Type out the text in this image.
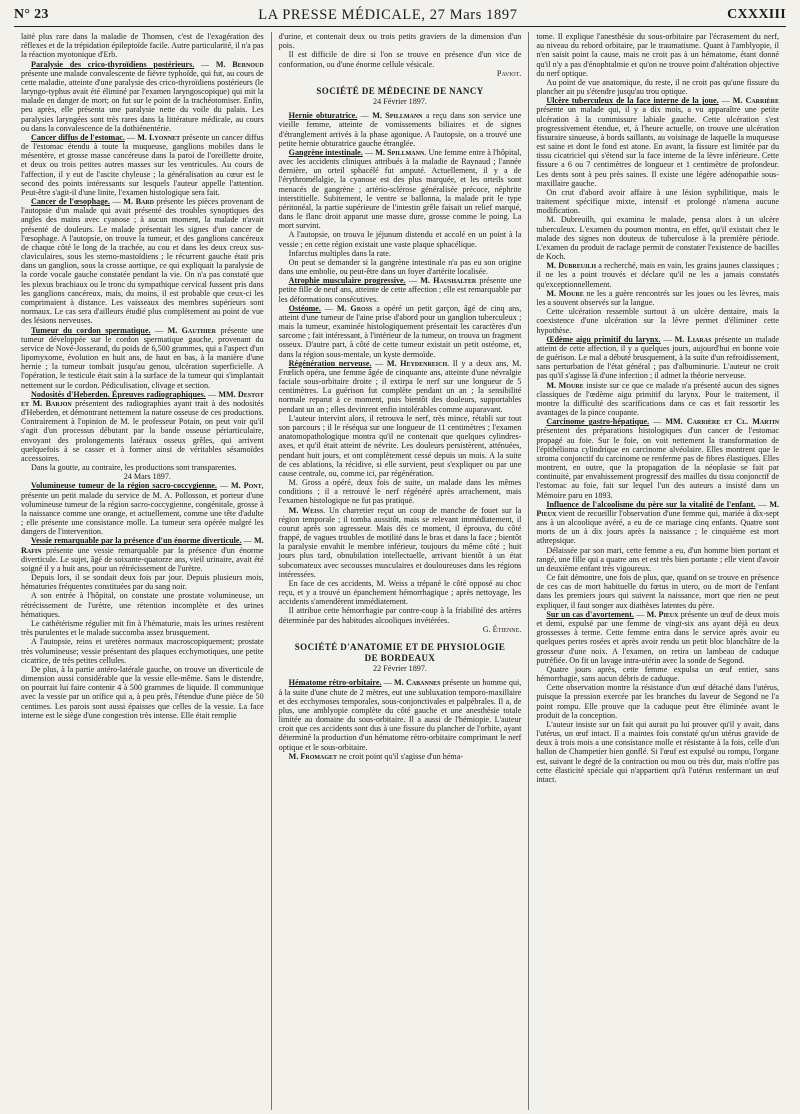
N° 23	LA PRESSE MÉDICALE, 27 Mars 1897	CXXXIII

laité plus rare dans la maladie de Thomsen, c'est de l'exagération des réflexes et de la trépidation épileptoïde facile. Autre particularité, il n'a pas la réaction myotonique d'Erb.

Paralysie des crico-thyroïdiens postérieurs. — M. Bernoud présente une malade convalescente de fièvre typhoïde, qui fut, au cours de cette maladie, atteinte d'une paralysie des crico-thyroïdiens postérieurs (le laryngo-typhus avait été éliminé par l'examen laryngoscopique) qui mit la malade en danger de mort; on fut sur le point de la trachéotomiser. Enfin, peu après, elle présenta une paralysie nette du voile du palais. Les paralysies laryngées sont très rares dans la littérature médicale, au cours ou dans la convalescence de la dothiénentérie.

Cancer diffus de l'estomac. — M. Lyonnet présente un cancer diffus de l'estomac étendu à toute la muqueuse, ganglions mobiles dans le mésentère, et grosse masse cancéreuse dans la paroi de l'oreillette droite, et deux ou trois petites autres masses sur les ventricules. Au cours de l'affection, il y eut de l'ascite chyleuse ; la généralisation au cœur est le second des points intéressants sur lesquels l'auteur appelle l'attention. Peut-être s'agit-il d'une linite, l'examen histologique sera fait.

Cancer de l'œsophage. — M. Bard présente les pièces provenant de l'autopsie d'un malade qui avait présenté des troubles synoptiques des angles des mains avec cyanose ; à aucun moment, la malade n'avait présenté de douleurs. Le malade présentait les signes d'un cancer de l'œsophage. A l'autopsie, on trouve la tumeur, et des ganglions cancéreux de chaque côté le long de la trachée, au cou et dans les deux creux sus-claviculaires, sous les sterno-mastoïdiens ; le récurrent gauche était pris dans un ganglion, sous la crosse aortique, ce qui expliquait la paralysie de la corde vocale gauche constatée pendant la vie. On n'a pas constaté que les plexus brachiaux ou le tronc du sympathique cervical fussent pris dans les ganglions cancéreux, mais, du moins, il est probable que ceux-ci les comprimaient à distance. Les vaisseaux des membres supérieurs sont normaux. Le cas sera d'ailleurs étudié plus complètement au point de vue des lésions nerveuses.

Tumeur du cordon spermatique. — M. Gauthier présente une tumeur développée sur le cordon spermatique gauche, provenant du service de Nové-Josserand, du poids de 6,500 grammes, qui a l'aspect d'un lipomyxome, évolution en huit ans, de haut en bas, à la manière d'une hernie ; la tumeur tombait jusqu'au genou, ulcération superficielle. A l'opération, le testicule était sain à la surface de la tumeur qui s'implantait nettement sur le cordon. Pédiculisation, clivage et section.

Nodosités d'Heberden. Épreuves radiographiques. — MM. Destot et M. Barjon présentent des radiographies ayant trait à des nodosités d'Heberden, et démontrant nettement la nature osseuse de ces productions. Contrairement à l'opinion de M. le professeur Potain, on peut voir qu'il s'agit d'un processus débutant par la bande osseuse périarticulaire, envoyant des prolongements latéraux osseux grêles, qui arrivent quelquefois à se casser et à former ainsi de véritables sésamoïdes accessoires.

Dans la goutte, au contraire, les productions sont transparentes.

24 Mars 1897.

Volumineuse tumeur de la région sacro-coccygienne. — M. Pont, présente un petit malade du service de M. A. Pollosson, et porteur d'une volumineuse tumeur de la région sacro-coccygienne, congénitale, grosse à la naissance comme une orange, et actuellement, comme une tête d'adulte ; elle présente une consistance molle. La tumeur sera opérée malgré les dangers de l'intervention.

Vessie remarquable par la présence d'un énorme diverticule. — M. Rafin présente une vessie remarquable par la présence d'un énorme diverticule. Le sujet, âgé de soixante-quatorze ans, vieil urinaire, avait été soigné il y a huit ans, pour un rétrécissement de l'urètre.

Depuis lors, il se sondait deux fois par jour. Depuis plusieurs mois, hématuries fréquentes constituées par du sang noir.

A son entrée à l'hôpital, on constate une prostate volumineuse, un rétrécissement de l'urètre, une rétention incomplète et des urines hématiques.

Le cathétérisme régulier mit fin à l'hématurie, mais les urines restèrent très purulentes et le malade succomba assez brusquement.

A l'autopsie, reins et uretères normaux macroscopiquement; prostate très volumineuse; vessie présentant des plaques ecchymotiques, une petite cicatrice, de très petites cellules.

De plus, à la partie antéro-latérale gauche, on trouve un diverticule de dimension aussi considérable que la vessie elle-même. Sans le distendre, on pourrait lui faire contenir 4 à 500 grammes de liquide. Il communique avec la vessie par un orifice qui a, à peu près, l'étendue d'une pièce de 50 centimes. Les parois sont aussi épaisses que celles de la vessie. La face interne est le siège d'une congestion très intense. Elle était remplie

d'urine, et contenait deux ou trois petits graviers de la dimension d'un pois.

Il est difficile de dire si l'on se trouve en présence d'un vice de conformation, ou d'une énorme cellule vésicale.

Paviot.

SOCIÉTÉ DE MÉDECINE DE NANCY
24 Février 1897.

Hernie obturatrice. — M. Spillmann a reçu dans son service une vieille femme, atteinte de vomissements biliaires et de signes d'étranglement arrivés à la phase agonique. A l'autopsie, on a trouvé une petite hernie obturatrice gauche étranglée.

Gangrène intestinale. — M. Spillmann. Une femme entre à l'hôpital, avec les accidents cliniques attribués à la maladie de Raynaud ; l'année dernière, un orteil sphacélé fut amputé. Actuellement, il y a de l'érythromélalgie, la cyanose est des plus marquée, et les orteils sont menacés de gangrène ; artério-sclérose généralisée précoce, néphrite interstitielle. Subitement, le ventre se ballonna, la malade prit le type péritonéal, la partie supérieure de l'intestin grêle faisait un relief marqué, dans le flanc droit apparut une masse dure, grosse comme le poing. La mort survint.

A l'autopsie, on trouva le jéjunum distendu et accolé en un point à la vessie ; en cette région existait une vaste plaque sphacélique.

Infarctus multiples dans la rate.

On peut se demander si la gangrène intestinale n'a pas eu son origine dans une embolie, ou peut-être dans un foyer d'artérite localisée.

Atrophie musculaire progressive. — M. Haushalter présente une petite fille de neuf ans, atteinte de cette affection ; elle est remarquable par les déformations consécutives.

Ostéome. — M. Gross a opéré un petit garçon, âgé de cinq ans, atteint d'une tumeur de l'aine prise d'abord pour un ganglion tuberculeux ; mais la tumeur, examinée histologiquement présentait les caractères d'un sarcome ; fait intéressant, à l'intérieur de la tumeur, on trouva un fragment osseux. D'autre part, à côté de cette tumeur existait un petit ostéome, et, dans la région sous-mentale, un kyste dermoïde.

Régénération nerveuse. — M. Heydenreich. Il y a deux ans, M. Frœlich opéra, une femme âgée de cinquante ans, atteinte d'une névralgie faciale sous-orbitaire droite ; il extirpa le nerf sur une longueur de 5 centimètres. La guérison fut complète pendant un an ; la sensibilité normale reparut à ce moment, puis bientôt des douleurs, supportables pendant un an ; elles devinrent enfin intolérables comme auparavant.

L'auteur intervint alors, il retrouva le nerf, très mince, rétabli sur tout son parcours ; il le réséqua sur une longueur de 11 centimètres ; l'examen anatomopathologique montra qu'il ne contenait que quelques cylindres-axes, et qu'il était atteint de névrite. Les douleurs persistèrent, atténuées, pendant huit jours, et ont complètement cessé depuis un mois. A la suite de ces ablations, la récidive, si elle survient, peut s'expliquer ou par une cause centrale, ou, comme ici, par régénération.

M. Gross a opéré, deux fois de suite, un malade dans les mêmes conditions ; il a retrouvé le nerf régénéré après arrachement, mais l'examen histologique ne fut pas pratiqué.

M. Weiss. Un charretier reçut un coup de manche de fouet sur la région temporale ; il tomba aussitôt, mais se relevant immédiatement, il courut après son agresseur. Mais dès ce moment, il éprouva, du côté frappé, de vagues troubles de motilité dans le bras et dans la face ; bientôt la paralysie envahit le membre inférieur, toujours du même côté ; huit jours plus tard, obnubilation intellectuelle, arrivant bientôt à un état subcomateux avec secousses musculaires et douloureuses dans les régions intéressées.

En face de ces accidents, M. Weiss a trépané le côté opposé au choc reçu, et y a trouvé un épanchement hémorrhagique ; après nettoyage, les accidents s'amendèrent immédiatement.

Il attribue cette hémorrhagie par contre-coup à la friabilité des artères déterminée par des habitudes alcooliques invétérées.

G. Étienne.

SOCIÉTÉ D'ANATOMIE ET DE PHYSIOLOGIE
DE BORDEAUX
22 Février 1897.

Hématome rétro-orbitaire. — M. Cabannes présente un homme qui, à la suite d'une chute de 2 mètres, eut une subluxation temporo-maxillaire et des ecchymoses temporales, sous-conjonctivales et palpébrales. Il a, de plus, une amblyopie complète du côté gauche et une anesthésie totale limitée au domaine du sous-orbitaire. Il a aussi de l'hémiopie. L'auteur croit que ces accidents sont dus à une fissure du plancher de l'orbite, ayant déterminé la production d'un hématome rétro-orbitaire comprimant le nerf optique et le sous-orbitaire.

M. Fromaget ne croit point qu'il s'agisse d'un héma-

tome. Il explique l'anesthésie du sous-orbitaire par l'écrasement du nerf, au niveau du rebord orbitaire, par le traumatisme. Quant à l'amblyopie, il n'en saisit point la cause, mais ne croit pas à un hématome, étant donné qu'il n'y a pas d'énophtalmie et qu'on ne trouve point d'altération objective du nerf optique.

Au point de vue anatomique, du reste, il ne croit pas qu'une fissure du plancher ait pu s'étendre jusqu'au trou optique.

Ulcère tuberculeux de la face interne de la joue. — M. Carrière présente un malade qui, il y a dix mois, a vu apparaître une petite ulcération à la commissure labiale gauche. Cette ulcération s'est progressivement étendue, et, à l'heure actuelle, on trouve une ulcération fissuraire sinueuse, à bords saillants, au voisinage de laquelle la muqueuse est saine et dont le fond est atone. En avant, la fissure est limitée par du tissu cicatriciel qui s'étend sur la face interne de la lèvre inférieure. Cette fissure a 6 ou 7 centimètres de longueur et 1 centimètre de profondeur. Les dents sont à peu près saines. Il existe une légère adénopathie sous-maxillaire gauche.

On crut d'abord avoir affaire à une lésion syphilitique, mais le traitement spécifique mixte, intensif et prolongé n'amena aucune modification.

M. Dubreuilh, qui examina le malade, pensa alors à un ulcère tuberculeux. L'examen du poumon montra, en effet, qu'il existait chez le malade des signes non douteux de tuberculose à la première période. L'examen du produit de raclage permit de constater l'existence de bacilles de Koch.

M. Dubreuilh a recherché, mais en vain, les grains jaunes classiques ; il ne les a point trouvés et déclare qu'il ne les a jamais constatés qu'exceptionnellement.

M. Moure ne les a guère rencontrés sur les joues ou les lèvres, mais les a souvent observés sur la langue.

Cette ulcération ressemble surtout à un ulcère dentaire, mais la coexistence d'une ulcération sur la lèvre permet d'éliminer cette hypothèse.

Œdème aigu primitif du larynx. — M. Liaras présente un malade atteint de cette affection, il y a quelques jours, aujourd'hui en bonne voie de guérison. Le mal a débuté brusquement, à la suite d'un refroidissement, sans perturbation de l'état général ; pas d'albuminurie. L'auteur ne croit pas qu'il s'agisse là d'une infection ; il admet la théorie nerveuse.

M. Moure insiste sur ce que ce malade n'a présenté aucun des signes classiques de l'œdème aigu primitif du larynx. Pour le traitement, il montre la difficulté des scarifications dans ce cas et fait ressortir les avantages de la pince coupante.

Carcinome gastro-hépatique. — MM. Carrière et Cl. Martin présentent des préparations histologiques d'un cancer de l'estomac propagé au foie. Sur le foie, on voit nettement la transformation de l'épithélioma cylindrique en carcinome alvéolaire. Elles montrent que le stroma conjonctif du carcinome ne renferme pas de fibres élastiques. Elles montrent, en outre, que la propagation de la néoplasie se fait par continuité, par envahissement progressif des mailles du tissu conjonctif de l'estomac au foie, fait sur lequel l'un des auteurs a insisté dans un Mémoire paru en 1893.

Influence de l'alcoolisme du père sur la vitalité de l'enfant. — M. Pieux vient de recueillir l'observation d'une femme qui, mariée à dix-sept ans à un alcoolique avéré, a eu de ce mariage cinq enfants. Quatre sont morts de un à dix jours après la naissance ; le cinquième est mort athrepsique.

Délaissée par son mari, cette femme a eu, d'un homme bien portant et rangé, une fille qui a quatre ans et est très bien portante ; elle vient d'avoir un deuxième enfant très vigoureux.

Ce fait démontre, une fois de plus, que, quand on se trouve en présence de ces cas de mort habituelle du fœtus in utero, ou de mort de l'enfant dans les premiers jours qui suivent la naissance, mort que rien ne peut expliquer, il faut songer aux diathèses latentes du père.

Sur un cas d'avortement. — M. Pieux présente un œuf de deux mois et demi, expulsé par une femme de vingt-six ans ayant déjà eu deux grossesses à terme. Cette femme entra dans le service après avoir eu quelques pertes rosées et après avoir rendu un petit bloc blanchâtre de la grosseur d'une noix. A l'examen, on retira un lambeau de caduque putréfiée. On fit un lavage intra-utérin avec la sonde de Segond.

Quatre jours après, cette femme expulsa un œuf entier, sans hémorrhagie, sans aucun débris de caduque.

Cette observation montre la résistance d'un œuf détaché dans l'utérus, puisque la pression exercée par les branches du laveur de Segond ne l'a point rompu. Elle prouve que la caduque peut être éliminée avant le produit de la conception.

L'auteur insiste sur un fait qui aurait pu lui prouver qu'il y avait, dans l'utérus, un œuf intact. Il a maintes fois constaté qu'un utérus gravide de deux à trois mois a une consistance molle et résistante à la fois, celle d'un ballon de Champetier bien gonflé. Si l'œuf est expulsé ou rompu, l'organe est, suivant le degré de la contraction ou mou ou très dur, mais n'offre pas cette élasticité spéciale qui n'appartient qu'à l'utérus renfermant un œuf intact.
